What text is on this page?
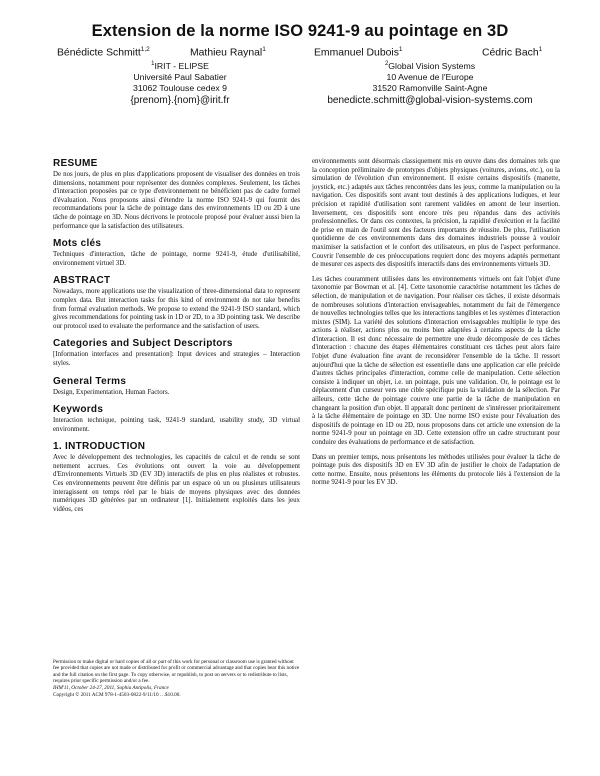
Extension de la norme ISO 9241-9 au pointage en 3D
Bénédicte Schmitt$^{1,2}$	Mathieu Raynal$^1$	Emmanuel Dubois$^1$	Cédric Bach$^1$
$^1$IRIT - ELIPSE
Université Paul Sabatier
31062 Toulouse cedex 9
{prenom}.{nom}@irit.fr
$^2$Global Vision Systems
10 Avenue de l'Europe
31520 Ramonville Saint-Agne
benedicte.schmitt@global-vision-systems.com
RESUME

De nos jours, de plus en plus d'applications proposent de visualiser des données en trois dimensions, notamment pour représenter des données complexes. Seulement, les tâches d'interaction proposées par ce type d'environnement ne bénéficient pas de cadre formel d'évaluation. Nous proposons ainsi d'étendre la norme ISO 9241-9 qui fournit des recommandations pour la tâche de pointage dans des environnements 1D ou 2D à une tâche de pointage en 3D. Nous décrivons le protocole proposé pour évaluer aussi bien la performance que la satisfaction des utilisateurs.

Mots clés

Techniques d'interaction, tâche de pointage, norme 9241-9, étude d'utilisabilité, environnement virtuel 3D.

ABSTRACT

Nowadays, more applications use the visualization of three-dimensional data to represent complex data. But interaction tasks for this kind of environment do not take benefits from formal evaluation methods. We propose to extend the 9241-9 ISO standard, which gives recommendations for pointing task in 1D or 2D, to a 3D pointing task. We describe our protocol used to evaluate the performance and the satisfaction of users.

Categories and Subject Descriptors

[Information interfaces and presentation]: Input devices and strategies – Interaction styles.

General Terms

Design, Experimentation, Human Factors.

Keywords

Interaction technique, pointing task, 9241-9 standard, usability study, 3D virtual environment.

1. INTRODUCTION

Avec le développement des technologies, les capacités de calcul et de rendu se sont nettement accrues. Ces évolutions ont ouvert la voie au développement d'Environnements Virtuels 3D (EV 3D) interactifs de plus en plus réalistes et robustes. Ces environnements peuvent être définis par un espace où un ou plusieurs utilisateurs interagissent en temps réel par le biais de moyens physiques avec des données numériques 3D générées par un ordinateur [1]. Initialement exploités dans les jeux vidéos, ces

Permission to make digital or hard copies of all or part of this work for personal or classroom use is granted without fee provided that copies are not made or distributed for profit or commercial advantage and that copies bear this notice and the full citation on the first page. To copy otherwise, or republish, to post on servers or to redistribute to lists, requires prior specific permission and/or a fee.

IHM'11, October 24-27, 2011, Sophia Antipolis, France

Copyright © 2011 ACM 978-1-4503-0822-9/11/10 …$10.00.

environnements sont désormais classiquement mis en œuvre dans des domaines tels que la conception préliminaire de prototypes d'objets physiques (voitures, avions, etc.), ou la simulation de l'évolution d'un environnement. Il existe certains dispositifs (manette, joystick, etc.) adaptés aux tâches rencontrées dans les jeux, comme la manipulation ou la navigation. Ces dispositifs sont avant tout destinés à des applications ludiques, et leur précision et rapidité d'utilisation sont rarement validées en amont de leur insertion. Inversement, ces dispositifs sont encore très peu répandus dans des activités professionnelles. Or dans ces contextes, la précision, la rapidité d'exécution et la facilité de prise en main de l'outil sont des facteurs importants de réussite. De plus, l'utilisation quotidienne de ces environnements dans des domaines industriels pousse à vouloir maximiser la satisfaction et le confort des utilisateurs, en plus de l'aspect performance. Couvrir l'ensemble de ces préoccupations requiert donc des moyens adaptés permettant de mesurer ces aspects des dispositifs interactifs dans des environnements virtuels 3D.

Les tâches couramment utilisées dans les environnements virtuels ont fait l'objet d'une taxonomie par Bowman et al. [4]. Cette taxonomie caractérise notamment les tâches de sélection, de manipulation et de navigation. Pour réaliser ces tâches, il existe désormais de nombreuses solutions d'interaction envisageables, notamment du fait de l'émergence de nouvelles technologies telles que les interactions tangibles et les systèmes d'interaction mixtes (SIM). La variété des solutions d'interaction envisageables multiplie le type des actions à réaliser, actions plus ou moins bien adaptées à certains aspects de la tâche d'interaction. Il est donc nécessaire de permettre une étude décomposée de ces tâches d'interaction : chacune des étapes élémentaires constituant ces tâches peut alors faire l'objet d'une évaluation fine avant de reconsidérer l'ensemble de la tâche. Il ressort aujourd'hui que la tâche de sélection est essentielle dans une application car elle précède d'autres tâches principales d'interaction, comme celle de manipulation. Cette sélection consiste à indiquer un objet, i.e. un pointage, puis une validation. Or, le pointage est le déplacement d'un curseur vers une cible spécifique puis la validation de la sélection. Par ailleurs, cette tâche de pointage couvre une partie de la tâche de manipulation en changeant la position d'un objet. Il apparaît donc pertinent de s'intéresser prioritairement à la tâche élémentaire de pointage en 3D. Une norme ISO existe pour l'évaluation des dispositifs de pointage en 1D ou 2D, nous proposons dans cet article une extension de la norme 9241-9 pour un pointage en 3D. Cette extension offre un cadre structurant pour conduire des évaluations de performance et de satisfaction.

Dans un premier temps, nous présentons les méthodes utilisées pour évaluer la tâche de pointage puis des dispositifs 3D en EV 3D afin de justifier le choix de l'adaptation de cette norme. Ensuite, nous présentons les éléments du protocole liés à l'extension de la norme 9241-9 pour les EV 3D.
